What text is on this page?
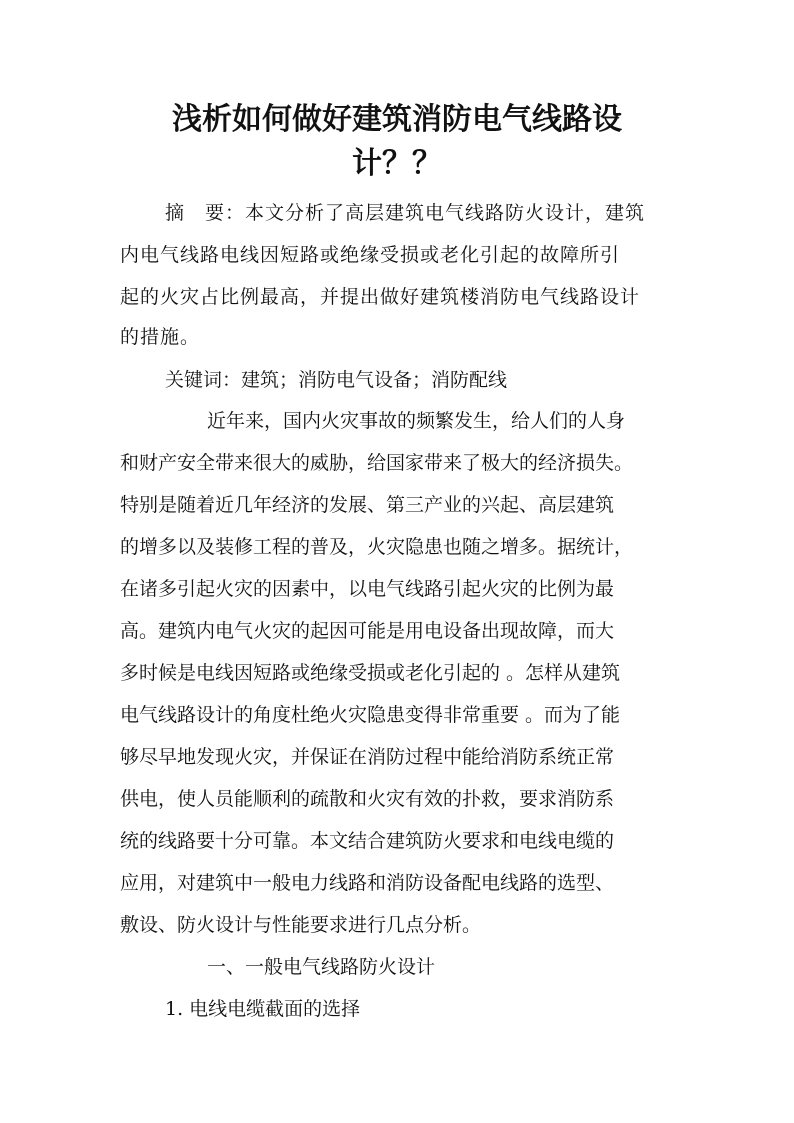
浅析如何做好建筑消防电气线路设
计？？

摘　要：本文分析了高层建筑电气线路防火设计，建筑

内电气线路电线因短路或绝缘受损或老化引起的故障所引

起的火灾占比例最高，并提出做好建筑楼消防电气线路设计

的措施。

关键词：建筑；消防电气设备；消防配线

近年来，国内火灾事故的频繁发生，给人们的人身

和财产安全带来很大的威胁，给国家带来了极大的经济损失。

特别是随着近几年经济的发展、第三产业的兴起、高层建筑

的增多以及装修工程的普及，火灾隐患也随之增多。据统计，

在诸多引起火灾的因素中，以电气线路引起火灾的比例为最

高。建筑内电气火灾的起因可能是用电设备出现故障，而大

多时候是电线因短路或绝缘受损或老化引起的 。怎样从建筑

电气线路设计的角度杜绝火灾隐患变得非常重要 。而为了能

够尽早地发现火灾，并保证在消防过程中能给消防系统正常

供电，使人员能顺利的疏散和火灾有效的扑救，要求消防系

统的线路要十分可靠。本文结合建筑防火要求和电线电缆的

应用，对建筑中一般电力线路和消防设备配电线路的选型、

敷设、防火设计与性能要求进行几点分析。

一、一般电气线路防火设计

1. 电线电缆截面的选择
